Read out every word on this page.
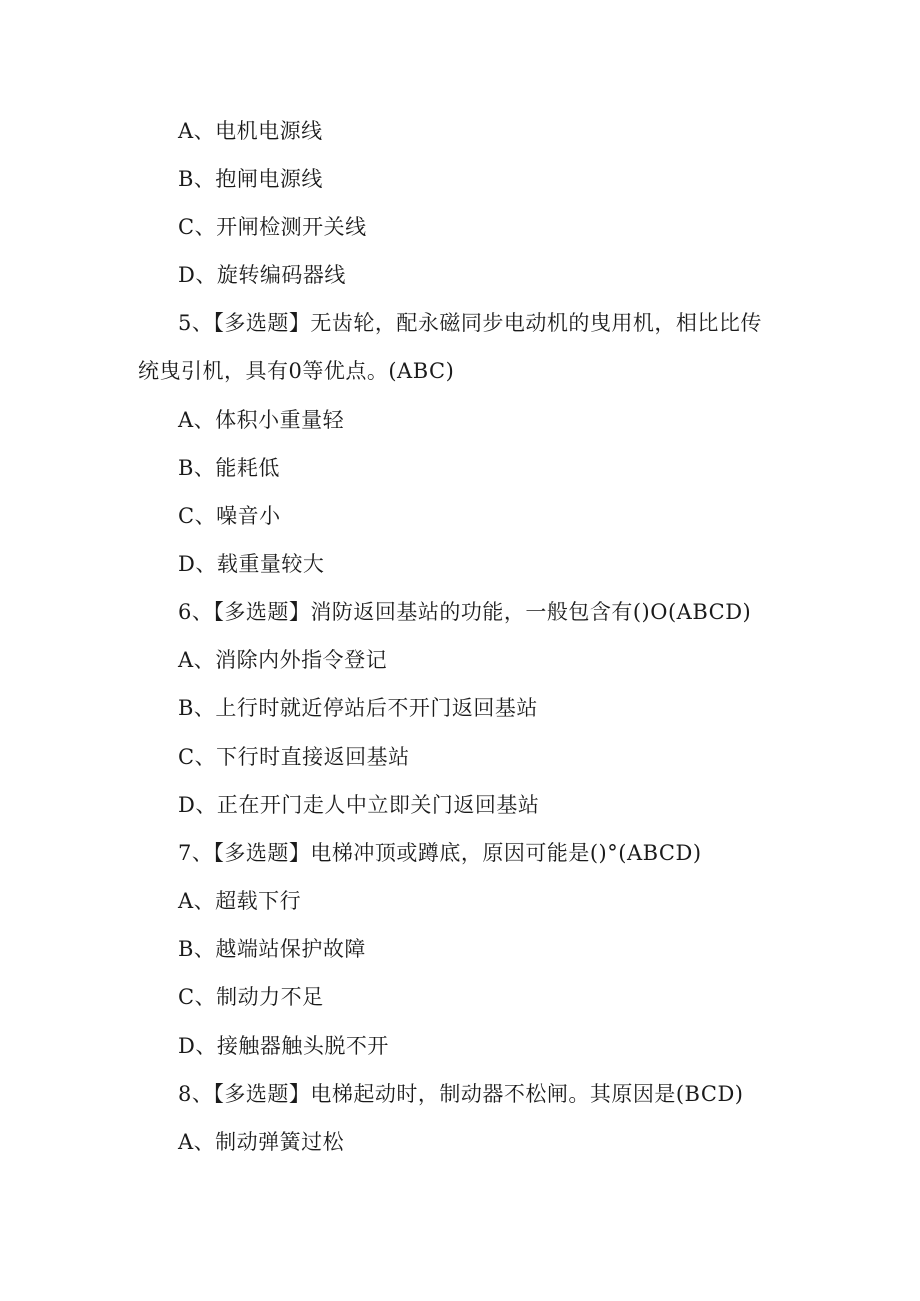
A、电机电源线
B、抱闸电源线
C、开闸检测开关线
D、旋转编码器线
5、【多选题】无齿轮，配永磁同步电动机的曳用机，相比比传
统曳引机，具有0等优点。(ABC)
A、体积小重量轻
B、能耗低
C、噪音小
D、载重量较大
6、【多选题】消防返回基站的功能，一般包含有()O(ABCD)
A、消除内外指令登记
B、上行时就近停站后不开门返回基站
C、下行时直接返回基站
D、正在开门走人中立即关门返回基站
7、【多选题】电梯冲顶或蹲底，原因可能是()°(ABCD)
A、超载下行
B、越端站保护故障
C、制动力不足
D、接触器触头脱不开
8、【多选题】电梯起动时，制动器不松闸。其原因是(BCD)
A、制动弹簧过松
